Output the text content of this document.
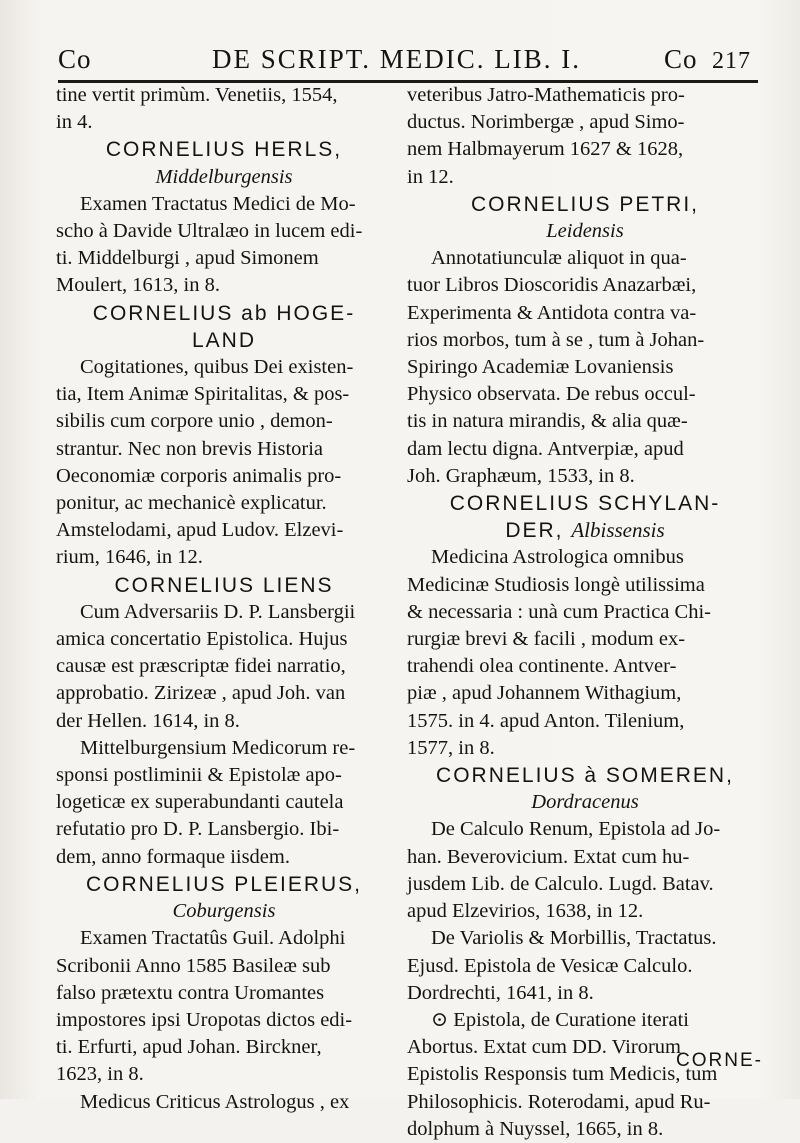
Co	DE SCRIPT. MEDIC. LIB. I.	Co 217
tine vertit primùm. Venetiis, 1554,
in 4.
CORNELIUS HERLS,
Middelburgensis
Examen Tractatus Medici de Mo-
scho à Davide Ultralæo in lucem edi-
ti. Middelburgi , apud Simonem
Moulert, 1613, in 8.
CORNELIUS ab HOGE-
LAND
Cogitationes, quibus Dei existen-
tia, Item Animæ Spiritalitas, & pos-
sibilis cum corpore unio , demon-
strantur. Nec non brevis Historia
Oeconomiæ corporis animalis pro-
ponitur, ac mechanicè explicatur.
Amstelodami, apud Ludov. Elzevi-
rium, 1646, in 12.
CORNELIUS LIENS
Cum Adversariis D. P. Lansbergii
amica concertatio Epistolica. Hujus
causæ est præscriptæ fidei narratio,
approbatio. Zirizeæ , apud Joh. van
der Hellen. 1614, in 8.
Mittelburgensium Medicorum re-
sponsi postliminii & Epistolæ apo-
logeticæ ex superabundanti cautela
refutatio pro D. P. Lansbergio. Ibi-
dem, anno formaque iisdem.
CORNELIUS PLEIERUS,
Coburgensis
Examen Tractatûs Guil. Adolphi
Scribonii Anno 1585 Basileæ sub
falso prætextu contra Uromantes
impostores ipsi Uropotas dictos edi-
ti. Erfurti, apud Johan. Birckner,
1623, in 8.
Medicus Criticus Astrologus , ex
veteribus Jatro-Mathematicis pro-
ductus. Norimbergæ , apud Simo-
nem Halbmayerum 1627 & 1628,
in 12.
CORNELIUS PETRI,
Leidensis
Annotatiunculæ aliquot in qua-
tuor Libros Dioscoridis Anazarbæi,
Experimenta & Antidota contra va-
rios morbos, tum à se , tum à Johan-
Spiringo Academiæ Lovaniensis
Physico observata. De rebus occul-
tis in natura mirandis, & alia quæ-
dam lectu digna. Antverpiæ, apud
Joh. Graphæum, 1533, in 8.
CORNELIUS SCHYLAN-
DER, Albissensis
Medicina Astrologica omnibus
Medicinæ Studiosis longè utilissima
& necessaria : unà cum Practica Chi-
rurgiæ brevi & facili , modum ex-
trahendi olea continente. Antver-
piæ , apud Johannem Withagium,
1575. in 4. apud Anton. Tilenium,
1577, in 8.
CORNELIUS à SOMEREN,
Dordracenus
De Calculo Renum, Epistola ad Jo-
han. Beverovicium. Extat cum hu-
jusdem Lib. de Calculo. Lugd. Batav.
apud Elzevirios, 1638, in 12.
De Variolis & Morbillis, Tractatus.
Ejusd. Epistola de Vesicæ Calculo.
Dordrechti, 1641, in 8.
⊙ Epistola, de Curatione iterati
Abortus. Extat cum DD. Virorum
Epistolis Responsis tum Medicis, tum
Philosophicis. Roterodami, apud Ru-
dolphum à Nuyssel, 1665, in 8.
CORNE-
